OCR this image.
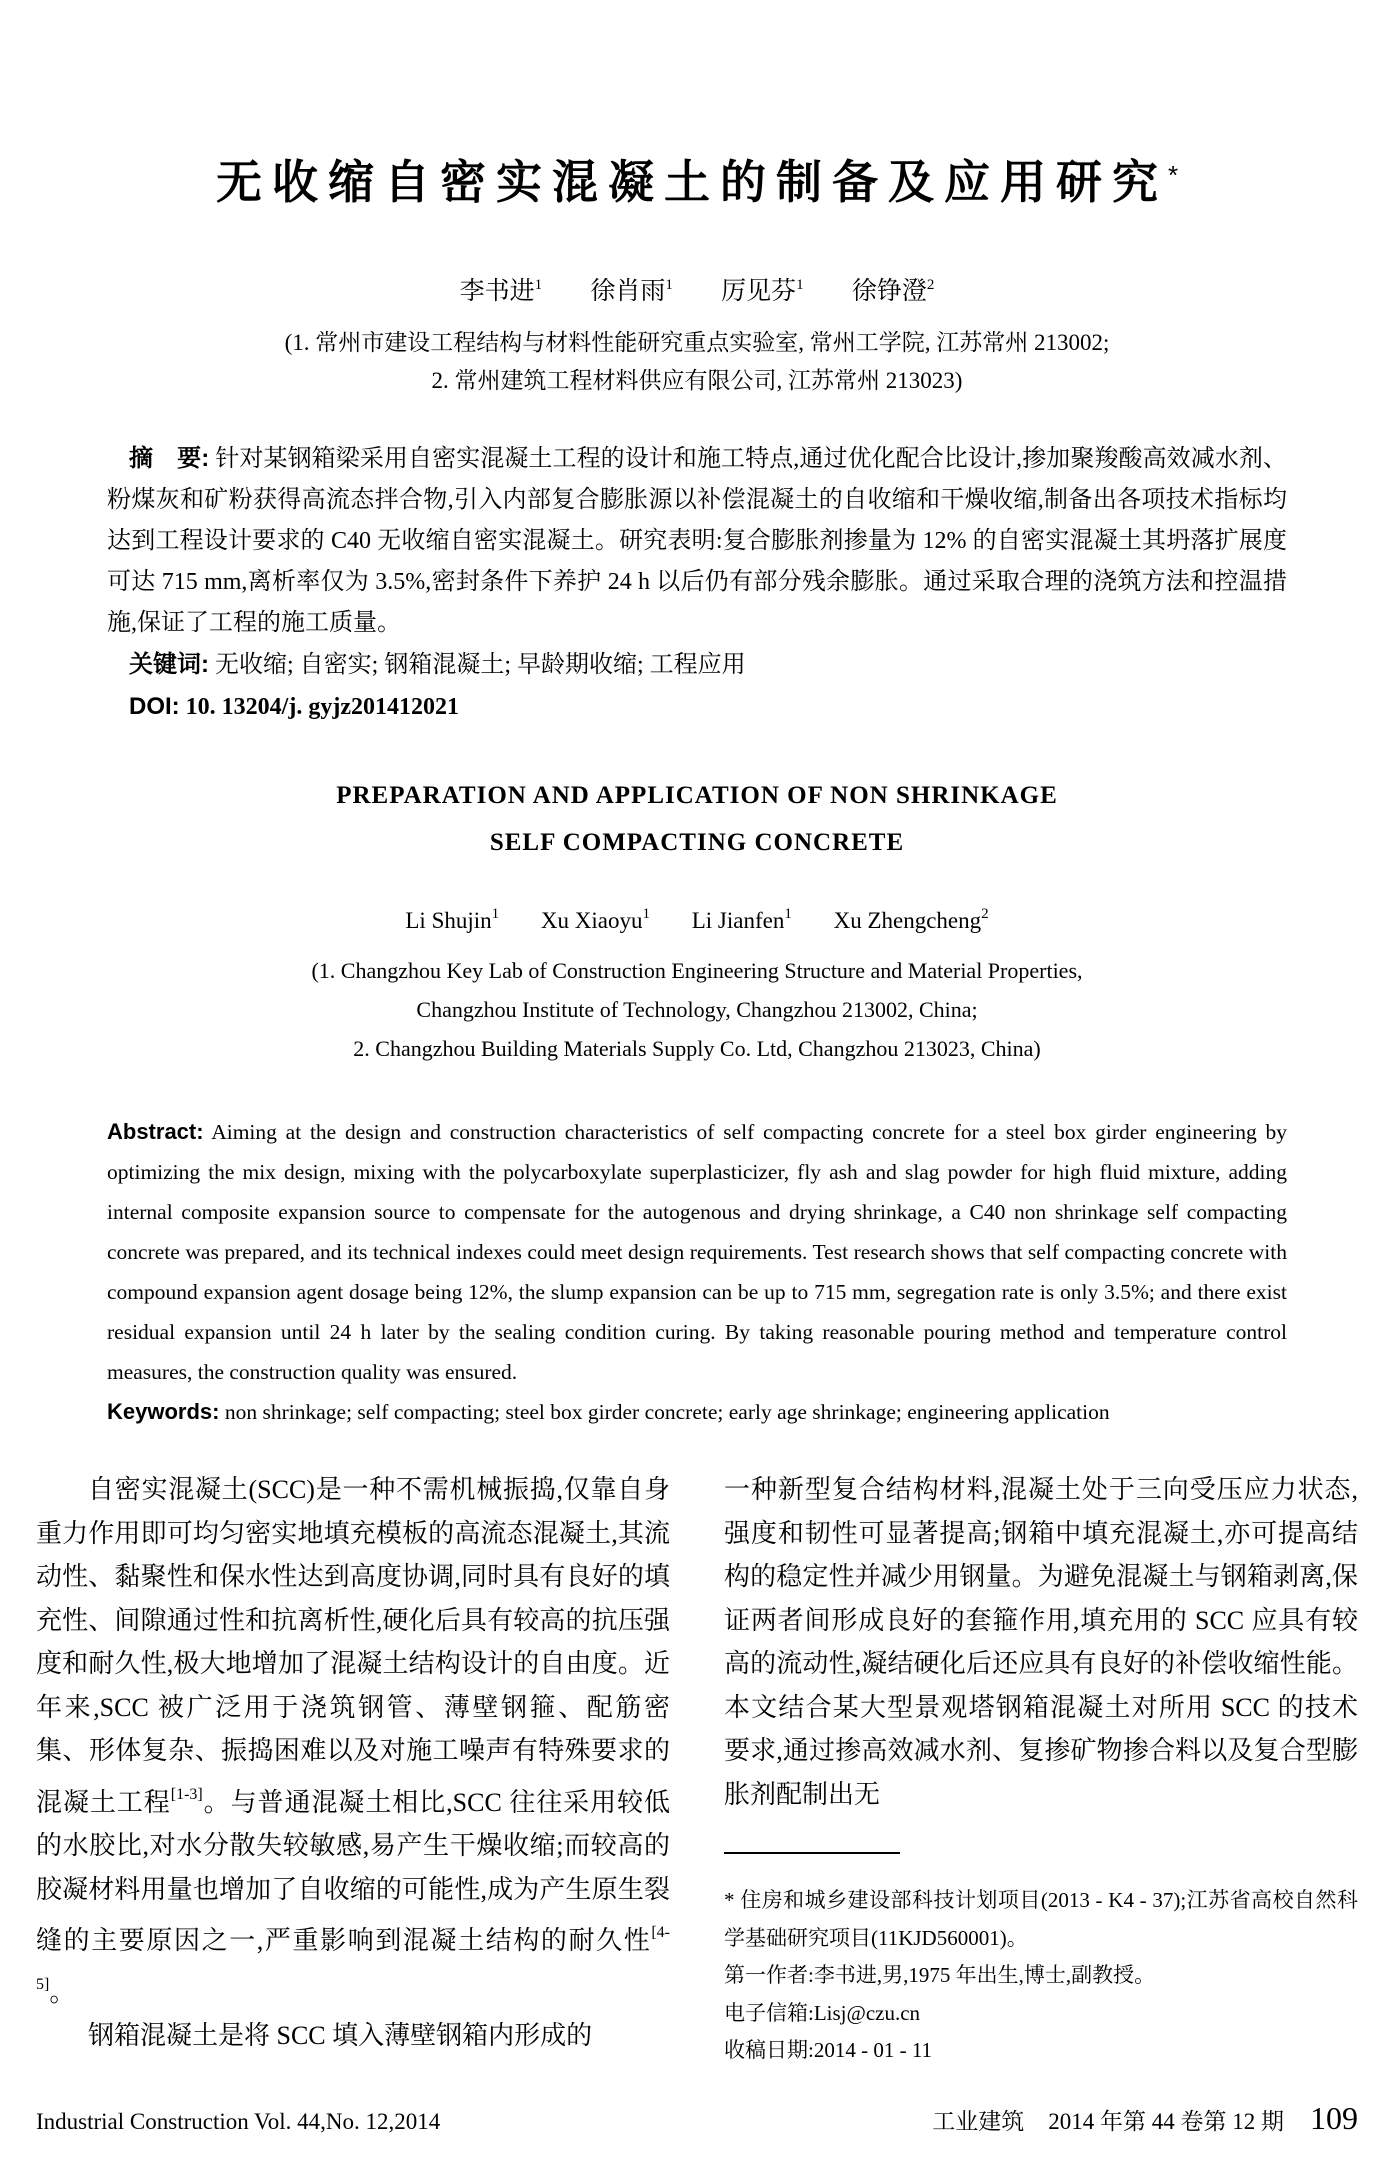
无收缩自密实混凝土的制备及应用研究*
李书进$^1$ 徐肖雨$^1$ 厉见芬$^1$ 徐铮澄$^2$
(1. 常州市建设工程结构与材料性能研究重点实验室, 常州工学院, 江苏常州 213002;
2. 常州建筑工程材料供应有限公司, 江苏常州 213023)
摘　要: 针对某钢箱梁采用自密实混凝土工程的设计和施工特点,通过优化配合比设计,掺加聚羧酸高效减水剂、粉煤灰和矿粉获得高流态拌合物,引入内部复合膨胀源以补偿混凝土的自收缩和干燥收缩,制备出各项技术指标均达到工程设计要求的 C40 无收缩自密实混凝土。研究表明:复合膨胀剂掺量为 12% 的自密实混凝土其坍落扩展度可达 715 mm,离析率仅为 3.5%,密封条件下养护 24 h 以后仍有部分残余膨胀。通过采取合理的浇筑方法和控温措施,保证了工程的施工质量。
关键词: 无收缩; 自密实; 钢箱混凝土; 早龄期收缩; 工程应用
DOI: 10. 13204/j. gyjz201412021
PREPARATION AND APPLICATION OF NON SHRINKAGE
SELF COMPACTING CONCRETE
Li Shujin$^1$ Xu Xiaoyu$^1$ Li Jianfen$^1$ Xu Zhengcheng$^2$
(1. Changzhou Key Lab of Construction Engineering Structure and Material Properties,
Changzhou Institute of Technology, Changzhou 213002, China;
2. Changzhou Building Materials Supply Co. Ltd, Changzhou 213023, China)
Abstract: Aiming at the design and construction characteristics of self compacting concrete for a steel box girder engineering by optimizing the mix design, mixing with the polycarboxylate superplasticizer, fly ash and slag powder for high fluid mixture, adding internal composite expansion source to compensate for the autogenous and drying shrinkage, a C40 non shrinkage self compacting concrete was prepared, and its technical indexes could meet design requirements. Test research shows that self compacting concrete with compound expansion agent dosage being 12%, the slump expansion can be up to 715 mm, segregation rate is only 3.5%; and there exist residual expansion until 24 h later by the sealing condition curing. By taking reasonable pouring method and temperature control measures, the construction quality was ensured.
Keywords: non shrinkage; self compacting; steel box girder concrete; early age shrinkage; engineering application

自密实混凝土(SCC)是一种不需机械振捣,仅靠自身重力作用即可均匀密实地填充模板的高流态混凝土,其流动性、黏聚性和保水性达到高度协调,同时具有良好的填充性、间隙通过性和抗离析性,硬化后具有较高的抗压强度和耐久性,极大地增加了混凝土结构设计的自由度。近年来,SCC 被广泛用于浇筑钢管、薄壁钢箍、配筋密集、形体复杂、振捣困难以及对施工噪声有特殊要求的混凝土工程[1-3]。与普通混凝土相比,SCC 往往采用较低的水胶比,对水分散失较敏感,易产生干燥收缩;而较高的胶凝材料用量也增加了自收缩的可能性,成为产生原生裂缝的主要原因之一,严重影响到混凝土结构的耐久性[4-5]。

钢箱混凝土是将 SCC 填入薄壁钢箱内形成的

一种新型复合结构材料,混凝土处于三向受压应力状态,强度和韧性可显著提高;钢箱中填充混凝土,亦可提高结构的稳定性并减少用钢量。为避免混凝土与钢箱剥离,保证两者间形成良好的套箍作用,填充用的 SCC 应具有较高的流动性,凝结硬化后还应具有良好的补偿收缩性能。本文结合某大型景观塔钢箱混凝土对所用 SCC 的技术要求,通过掺高效减水剂、复掺矿物掺合料以及复合型膨胀剂配制出无

* 住房和城乡建设部科技计划项目(2013 - K4 - 37);江苏省高校自然科学基础研究项目(11KJD560001)。

第一作者:李书进,男,1975 年出生,博士,副教授。

电子信箱:Lisj@czu.cn

收稿日期:2014 - 01 - 11

Industrial Construction Vol. 44,No. 12,2014	工业建筑 2014 年第 44 卷第 12 期 109
